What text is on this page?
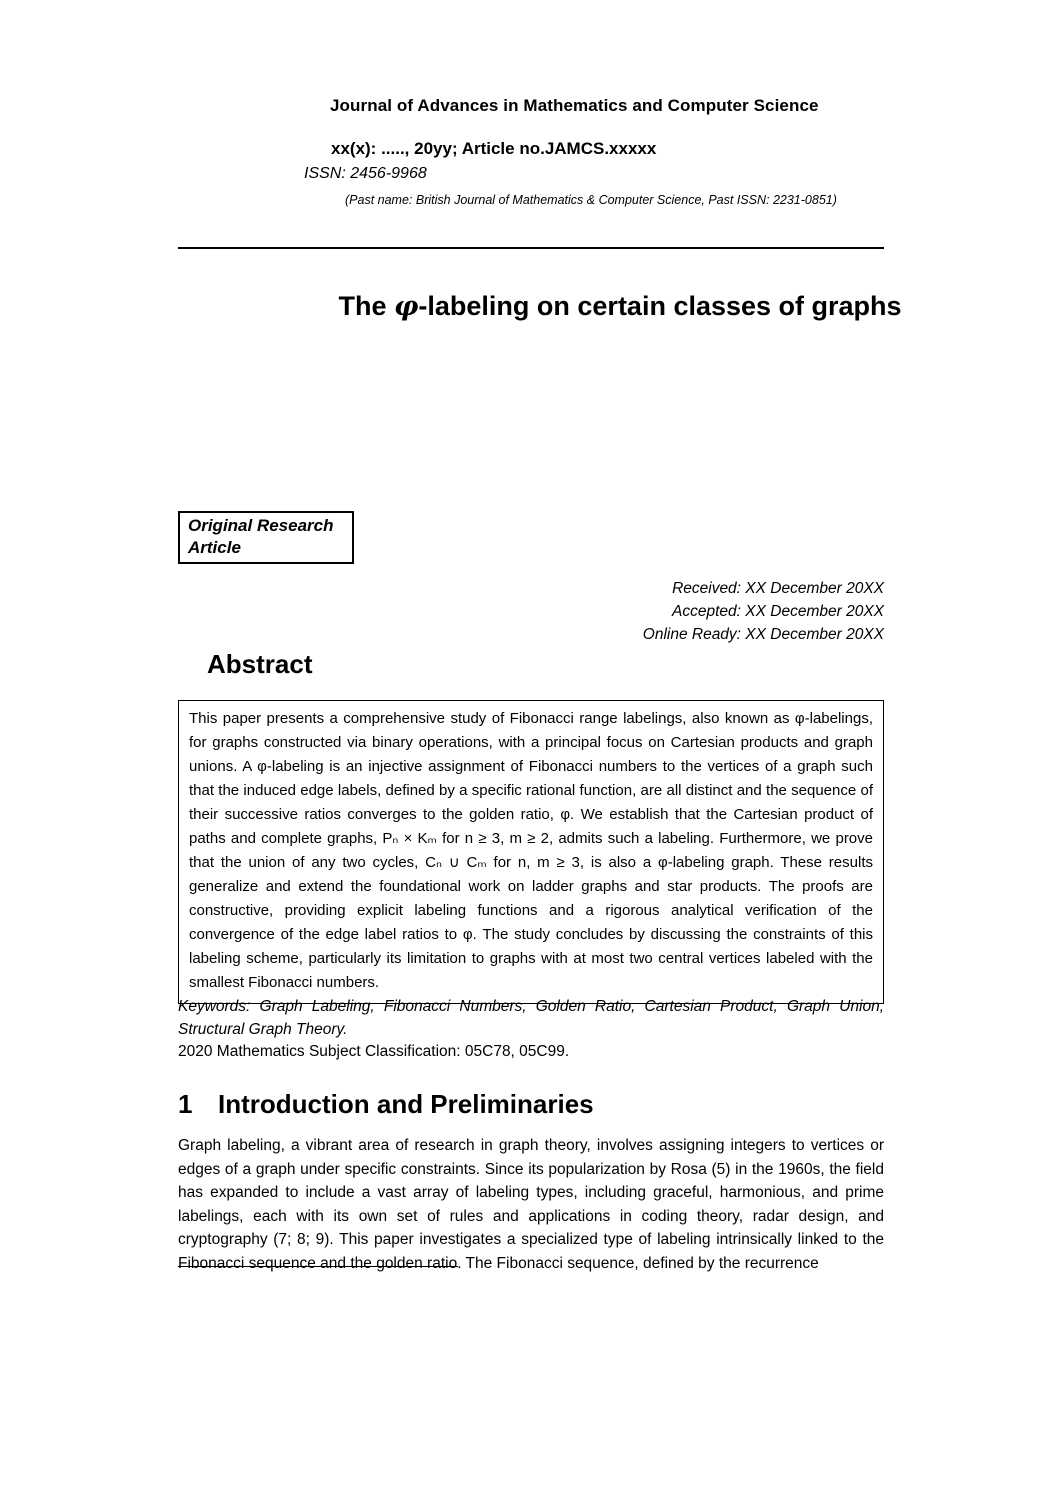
Journal of Advances in Mathematics and Computer Science
xx(x): ....., 20yy; Article no.JAMCS.xxxxx
ISSN: 2456-9968
(Past name: British Journal of Mathematics & Computer Science, Past ISSN: 2231-0851)
The φ-labeling on certain classes of graphs
Original Research Article
Received: XX December 20XX
Accepted: XX December 20XX
Online Ready: XX December 20XX
Abstract

This paper presents a comprehensive study of Fibonacci range labelings, also known as φ-labelings, for graphs constructed via binary operations, with a principal focus on Cartesian products and graph unions. A φ-labeling is an injective assignment of Fibonacci numbers to the vertices of a graph such that the induced edge labels, defined by a specific rational function, are all distinct and the sequence of their successive ratios converges to the golden ratio, φ. We establish that the Cartesian product of paths and complete graphs, Pₙ × Kₘ for n ≥ 3, m ≥ 2, admits such a labeling. Furthermore, we prove that the union of any two cycles, Cₙ ∪ Cₘ for n, m ≥ 3, is also a φ-labeling graph. These results generalize and extend the foundational work on ladder graphs and star products. The proofs are constructive, providing explicit labeling functions and a rigorous analytical verification of the convergence of the edge label ratios to φ. The study concludes by discussing the constraints of this labeling scheme, particularly its limitation to graphs with at most two central vertices labeled with the smallest Fibonacci numbers.

Keywords: Graph Labeling, Fibonacci Numbers, Golden Ratio, Cartesian Product, Graph Union, Structural Graph Theory.

2020 Mathematics Subject Classification: 05C78, 05C99.

1 Introduction and Preliminaries

Graph labeling, a vibrant area of research in graph theory, involves assigning integers to vertices or edges of a graph under specific constraints. Since its popularization by Rosa (5) in the 1960s, the field has expanded to include a vast array of labeling types, including graceful, harmonious, and prime labelings, each with its own set of rules and applications in coding theory, radar design, and cryptography (7; 8; 9). This paper investigates a specialized type of labeling intrinsically linked to the Fibonacci sequence and the golden ratio. The Fibonacci sequence, defined by the recurrence
